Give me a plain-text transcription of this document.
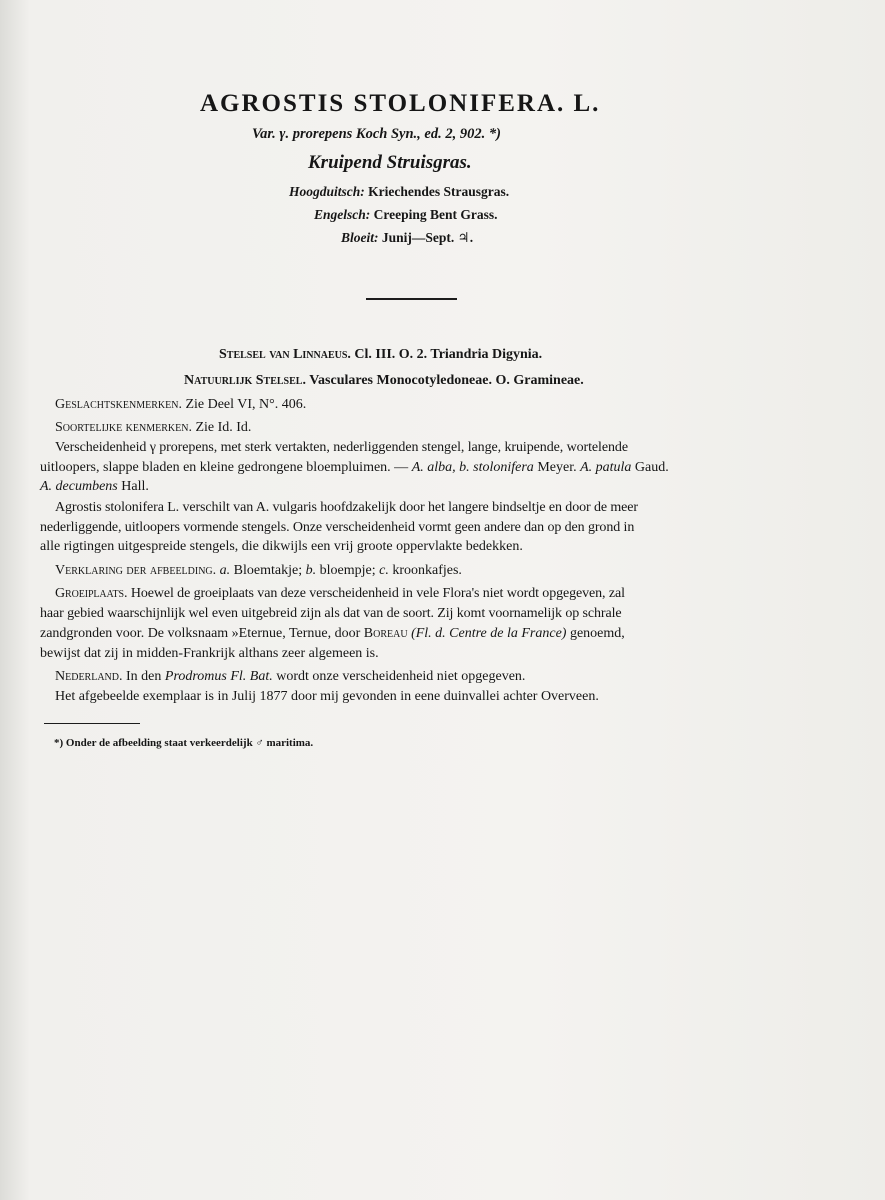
AGROSTIS STOLONIFERA. L.
Var. γ. prorepens Koch Syn., ed. 2, 902. *)
Kruipend Struisgras.
Hoogduitsch: Kriechendes Strausgras.
Engelsch: Creeping Bent Grass.
Bloeit: Junij—Sept. ♃.
Stelsel van Linnaeus. Cl. III. O. 2. Triandria Digynia.
Natuurlijk Stelsel. Vasculares Monocotyledoneae. O. Gramineae.
Geslachtskenmerken. Zie Deel VI, N°. 406.
Soortelijke kenmerken. Zie Id. Id.
Verscheidenheid γ prorepens, met sterk vertakten, nederliggenden stengel, lange, kruipende, wortelende
uitloopers, slappe bladen en kleine gedrongene bloempluimen. — A. alba, b. stolonifera Meyer. A. patula Gaud.
A. decumbens Hall.
Agrostis stolonifera L. verschilt van A. vulgaris hoofdzakelijk door het langere bindseltje en door de meer
nederliggende, uitloopers vormende stengels. Onze verscheidenheid vormt geen andere dan op den grond in
alle rigtingen uitgespreide stengels, die dikwijls een vrij groote oppervlakte bedekken.
Verklaring der afbeelding. a. Bloemtakje; b. bloempje; c. kroonkafjes.
Groeiplaats. Hoewel de groeiplaats van deze verscheidenheid in vele Flora's niet wordt opgegeven, zal
haar gebied waarschijnlijk wel even uitgebreid zijn als dat van de soort. Zij komt voornamelijk op schrale
zandgronden voor. De volksnaam »Eternue, Ternue, door Boreau (Fl. d. Centre de la France) genoemd,
bewijst dat zij in midden-Frankrijk althans zeer algemeen is.
Nederland. In den Prodromus Fl. Bat. wordt onze verscheidenheid niet opgegeven.
Het afgebeelde exemplaar is in Julij 1877 door mij gevonden in eene duinvallei achter Overveen.
*) Onder de afbeelding staat verkeerdelijk ♂ maritima.
